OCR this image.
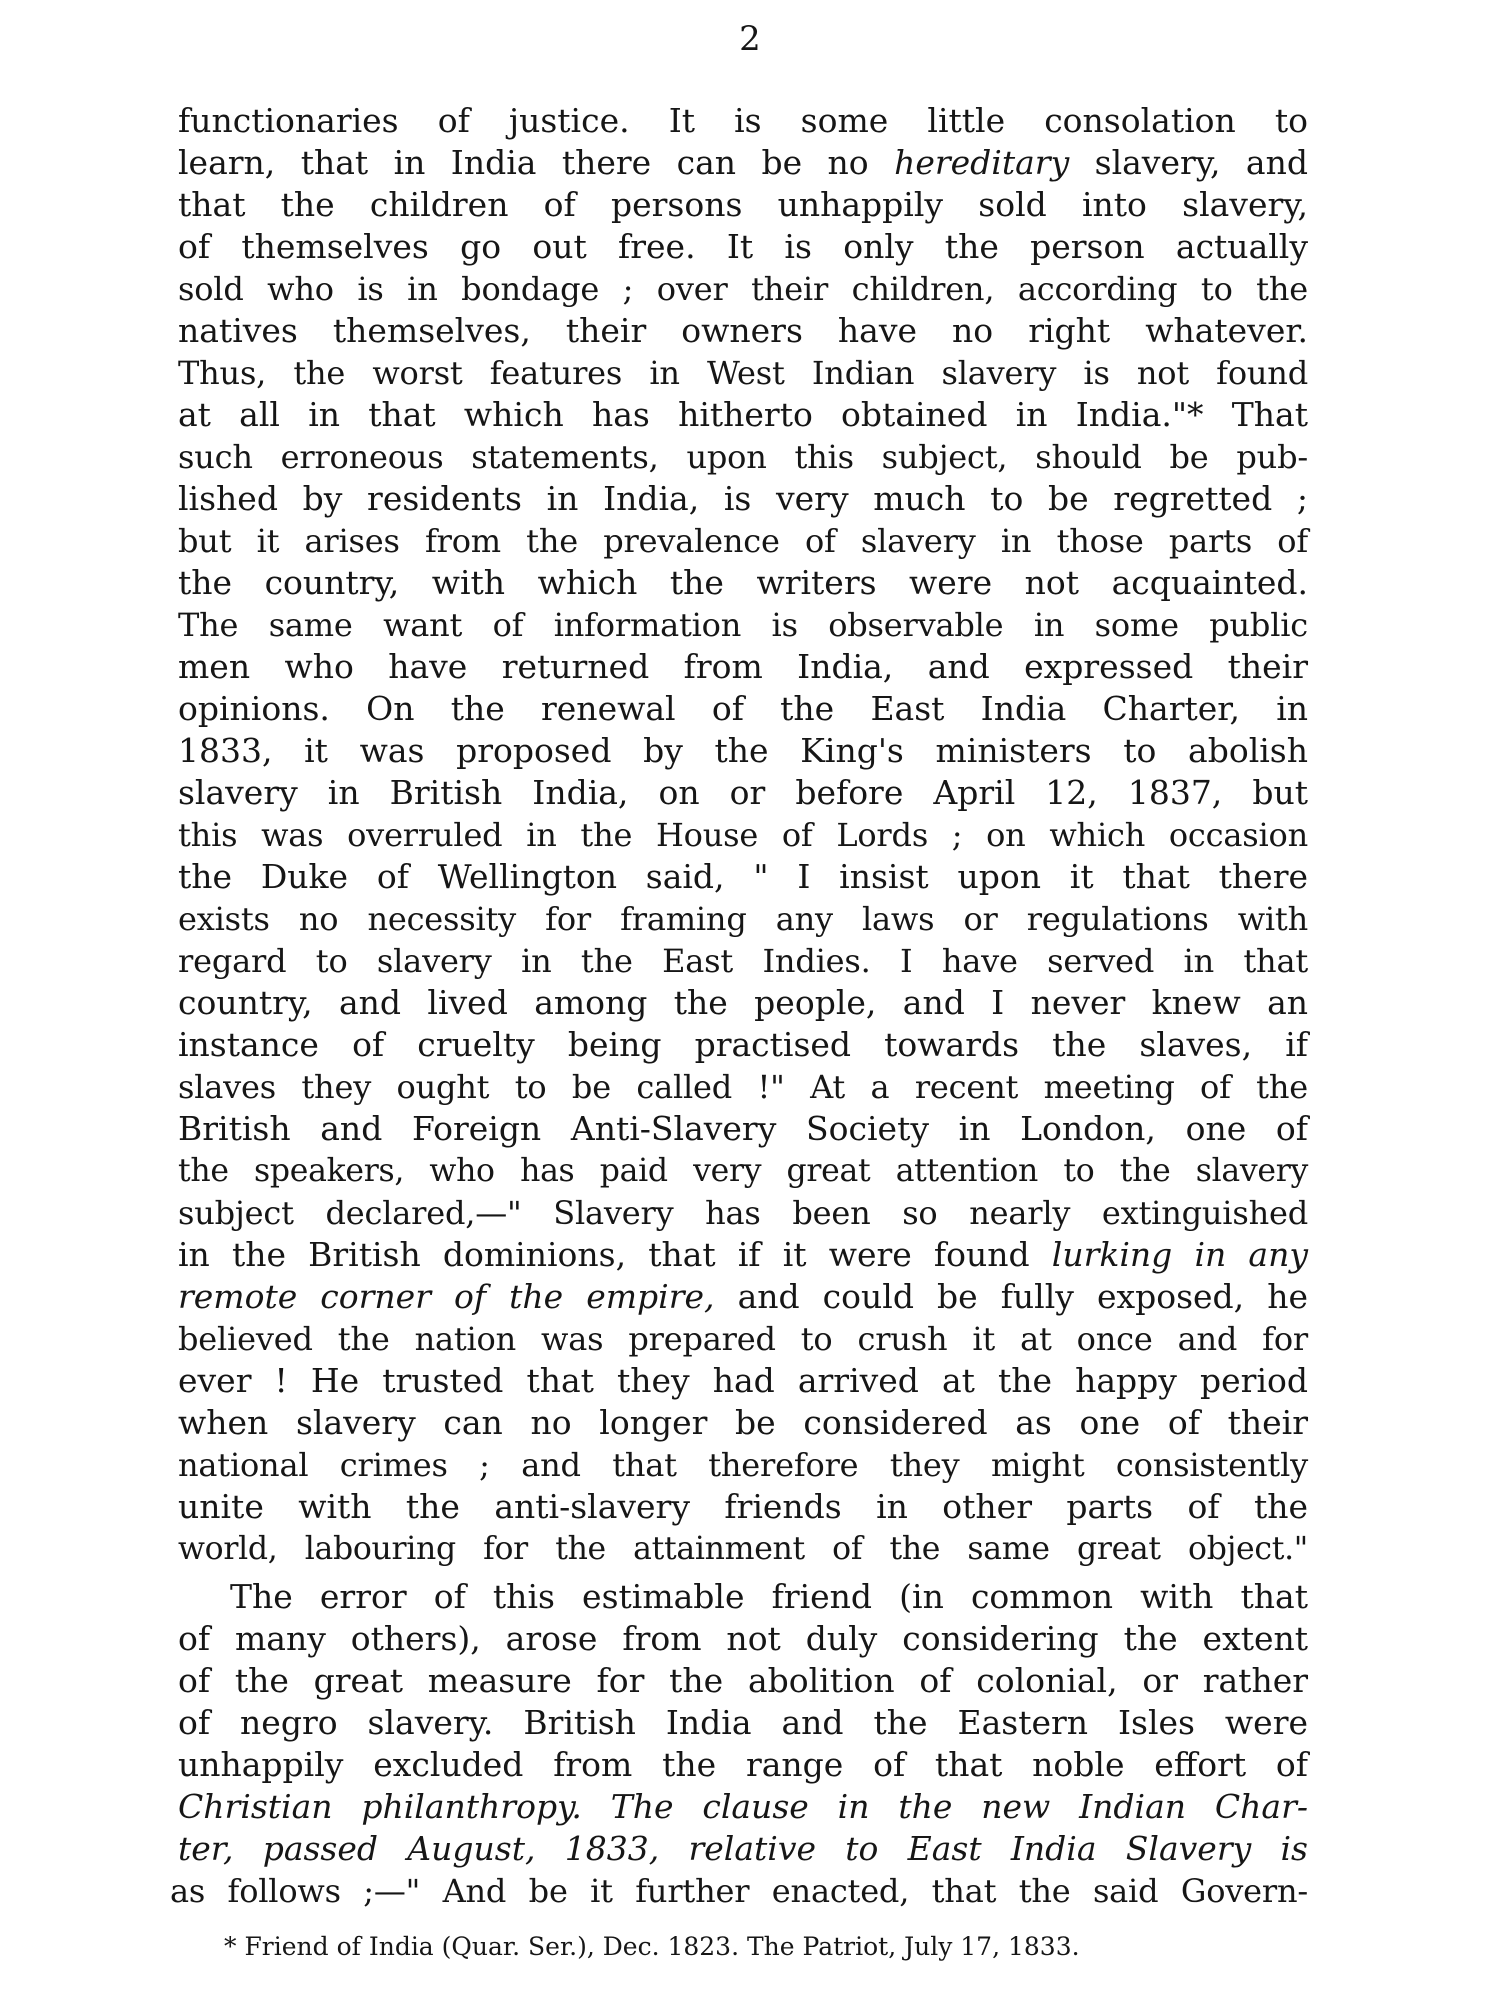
2
functionaries of justice. It is some little consolation to
learn, that in India there can be no hereditary slavery, and
that the children of persons unhappily sold into slavery,
of themselves go out free. It is only the person actually
sold who is in bondage ; over their children, according to the
natives themselves, their owners have no right whatever.
Thus, the worst features in West Indian slavery is not found
at all in that which has hitherto obtained in India."* That
such erroneous statements, upon this subject, should be pub-
lished by residents in India, is very much to be regretted ;
but it arises from the prevalence of slavery in those parts of
the country, with which the writers were not acquainted.
The same want of information is observable in some public
men who have returned from India, and expressed their
opinions. On the renewal of the East India Charter, in
1833, it was proposed by the King's ministers to abolish
slavery in British India, on or before April 12, 1837, but
this was overruled in the House of Lords ; on which occasion
the Duke of Wellington said, " I insist upon it that there
exists no necessity for framing any laws or regulations with
regard to slavery in the East Indies. I have served in that
country, and lived among the people, and I never knew an
instance of cruelty being practised towards the slaves, if
slaves they ought to be called !" At a recent meeting of the
British and Foreign Anti-Slavery Society in London, one of
the speakers, who has paid very great attention to the slavery
subject declared,—" Slavery has been so nearly extinguished
in the British dominions, that if it were found lurking in any
remote corner of the empire, and could be fully exposed, he
believed the nation was prepared to crush it at once and for
ever ! He trusted that they had arrived at the happy period
when slavery can no longer be considered as one of their
national crimes ; and that therefore they might consistently
unite with the anti-slavery friends in other parts of the
world, labouring for the attainment of the same great object."
The error of this estimable friend (in common with that
of many others), arose from not duly considering the extent
of the great measure for the abolition of colonial, or rather
of negro slavery. British India and the Eastern Isles were
unhappily excluded from the range of that noble effort of
Christian philanthropy. The clause in the new Indian Char-
ter, passed August, 1833, relative to East India Slavery is
as follows ;—" And be it further enacted, that the said Govern-
* Friend of India (Quar. Ser.), Dec. 1823. The Patriot, July 17, 1833.
